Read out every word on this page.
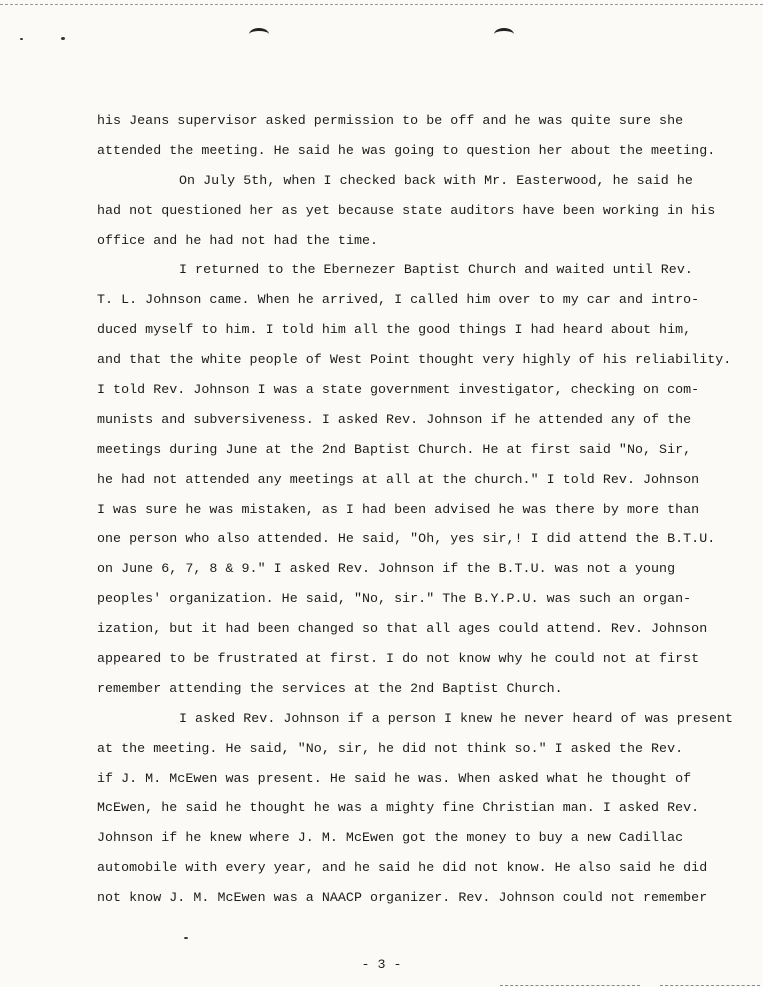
his Jeans supervisor asked permission to be off and he was quite sure she

attended the meeting. He said he was going to question her about the meeting.

On July 5th, when I checked back with Mr. Easterwood, he said he

had not questioned her as yet because state auditors have been working in his

office and he had not had the time.

I returned to the Ebernezer Baptist Church and waited until Rev.

T. L. Johnson came. When he arrived, I called him over to my car and intro-

duced myself to him. I told him all the good things I had heard about him,

and that the white people of West Point thought very highly of his reliability.

I told Rev. Johnson I was a state government investigator, checking on com-

munists and subversiveness. I asked Rev. Johnson if he attended any of the

meetings during June at the 2nd Baptist Church. He at first said "No, Sir,

he had not attended any meetings at all at the church." I told Rev. Johnson

I was sure he was mistaken, as I had been advised he was there by more than

one person who also attended. He said, "Oh, yes sir,! I did attend the B.T.U.

on June 6, 7, 8 & 9." I asked Rev. Johnson if the B.T.U. was not a young

peoples' organization. He said, "No, sir." The B.Y.P.U. was such an organ-

ization, but it had been changed so that all ages could attend. Rev. Johnson

appeared to be frustrated at first. I do not know why he could not at first

remember attending the services at the 2nd Baptist Church.

I asked Rev. Johnson if a person I knew he never heard of was present

at the meeting. He said, "No, sir, he did not think so." I asked the Rev.

if J. M. McEwen was present. He said he was. When asked what he thought of

McEwen, he said he thought he was a mighty fine Christian man. I asked Rev.

Johnson if he knew where J. M. McEwen got the money to buy a new Cadillac

automobile with every year, and he said he did not know. He also said he did

not know J. M. McEwen was a NAACP organizer. Rev. Johnson could not remember

- 3 -
